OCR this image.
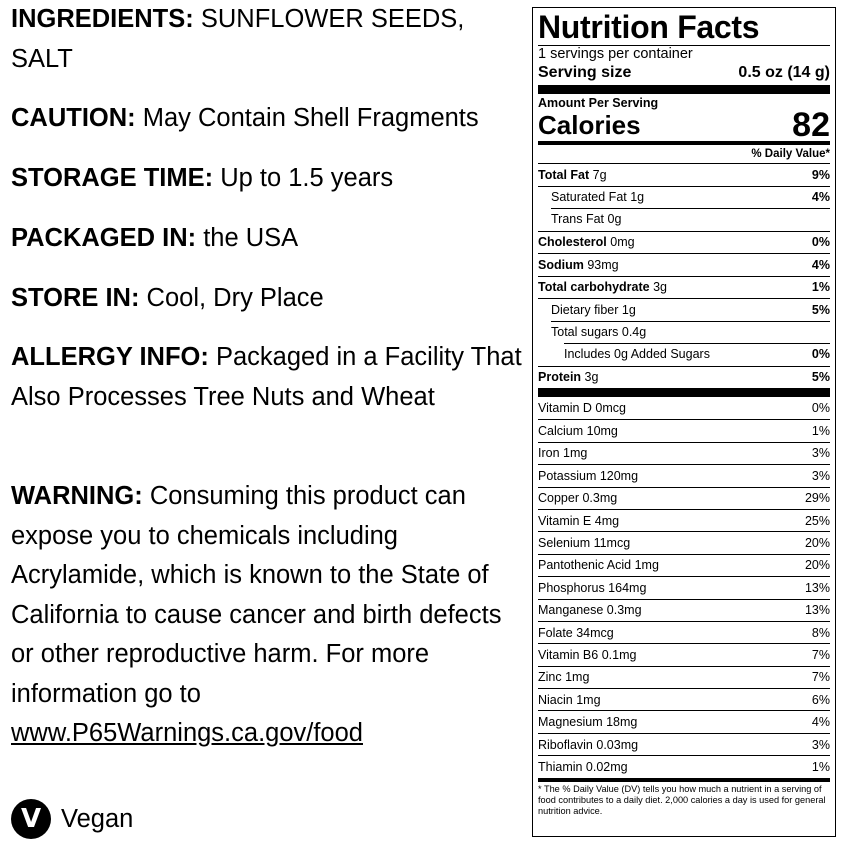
INGREDIENTS: SUNFLOWER SEEDS, SALT

CAUTION: May Contain Shell Fragments

STORAGE TIME: Up to 1.5 years

PACKAGED IN: the USA

STORE IN: Cool, Dry Place

ALLERGY INFO: Packaged in a Facility That Also Processes Tree Nuts and Wheat

WARNING: Consuming this product can expose you to chemicals including Acrylamide, which is known to the State of California to cause cancer and birth defects or other reproductive harm. For more information go to www.P65Warnings.ca.gov/food

V Vegan
Nutrition Facts
1 servings per container
Serving size	0.5 oz (14 g)
Amount Per Serving
Calories	82
% Daily Value*
Total Fat 7g	9%
Saturated Fat 1g	4%
Trans Fat 0g
Cholesterol 0mg	0%
Sodium 93mg	4%
Total carbohydrate 3g	1%
Dietary fiber 1g	5%
Total sugars 0.4g
Includes 0g Added Sugars	0%
Protein 3g	5%
Vitamin D 0mcg	0%
Calcium 10mg	1%
Iron 1mg	3%
Potassium 120mg	3%
Copper 0.3mg	29%
Vitamin E 4mg	25%
Selenium 11mcg	20%
Pantothenic Acid 1mg	20%
Phosphorus 164mg	13%
Manganese 0.3mg	13%
Folate 34mcg	8%
Vitamin B6 0.1mg	7%
Zinc 1mg	7%
Niacin 1mg	6%
Magnesium 18mg	4%
Riboflavin 0.03mg	3%
Thiamin 0.02mg	1%
* The % Daily Value (DV) tells you how much a nutrient in a serving of food contributes to a daily diet. 2,000 calories a day is used for general nutrition advice.
